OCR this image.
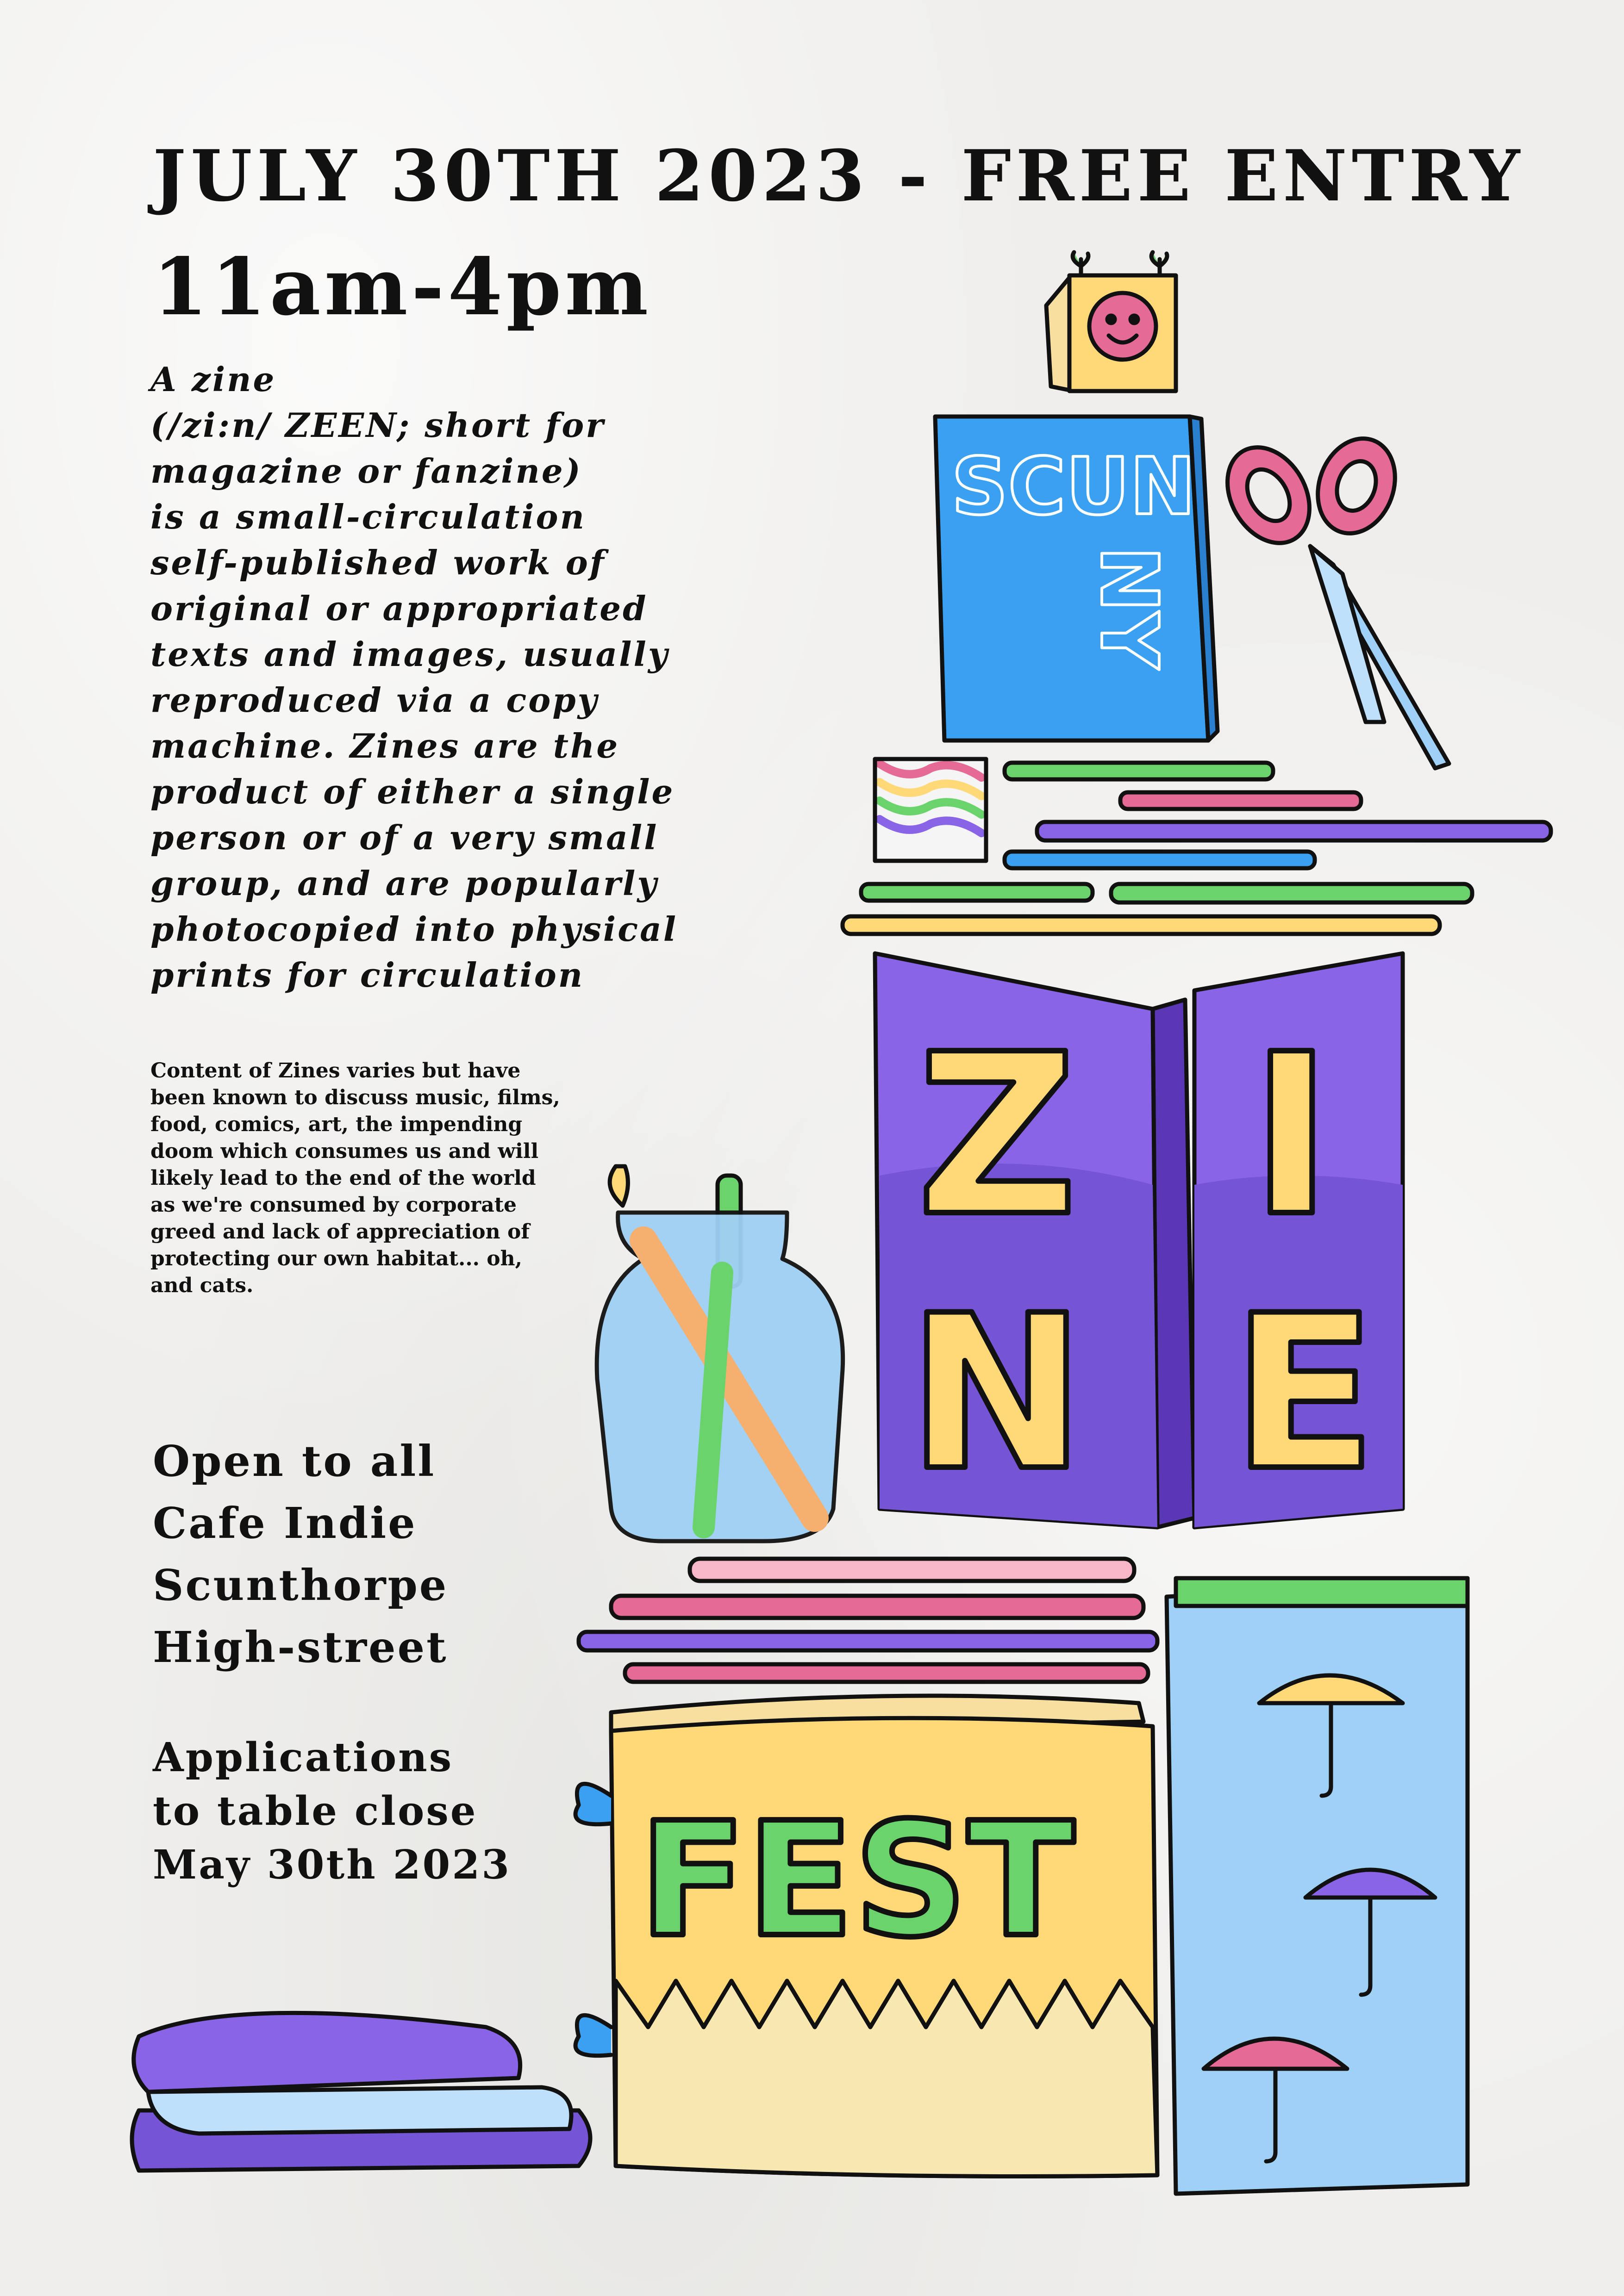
JULY 30TH 2023 - FREE ENTRY
11am-4pm

A zine

(/zi:n/ ZEEN; short for

magazine or fanzine)

is a small-circulation

self-published work of

original or appropriated

texts and images, usually

reproduced via a copy

machine. Zines are the

product of either a single

person or of a very small

group, and are popularly

photocopied into physical

prints for circulation

Content of Zines varies but have been known to discuss music, films, food, comics, art, the impending doom which consumes us and will likely lead to the end of the world as we're consumed by corporate greed and lack of appreciation of protecting our own habitat... oh, and cats.

Open to all
Cafe Indie
Scunthorpe
High-street
Applications
to table close
May 30th 2023
SCUN
NY
Z I
N E
FEST
